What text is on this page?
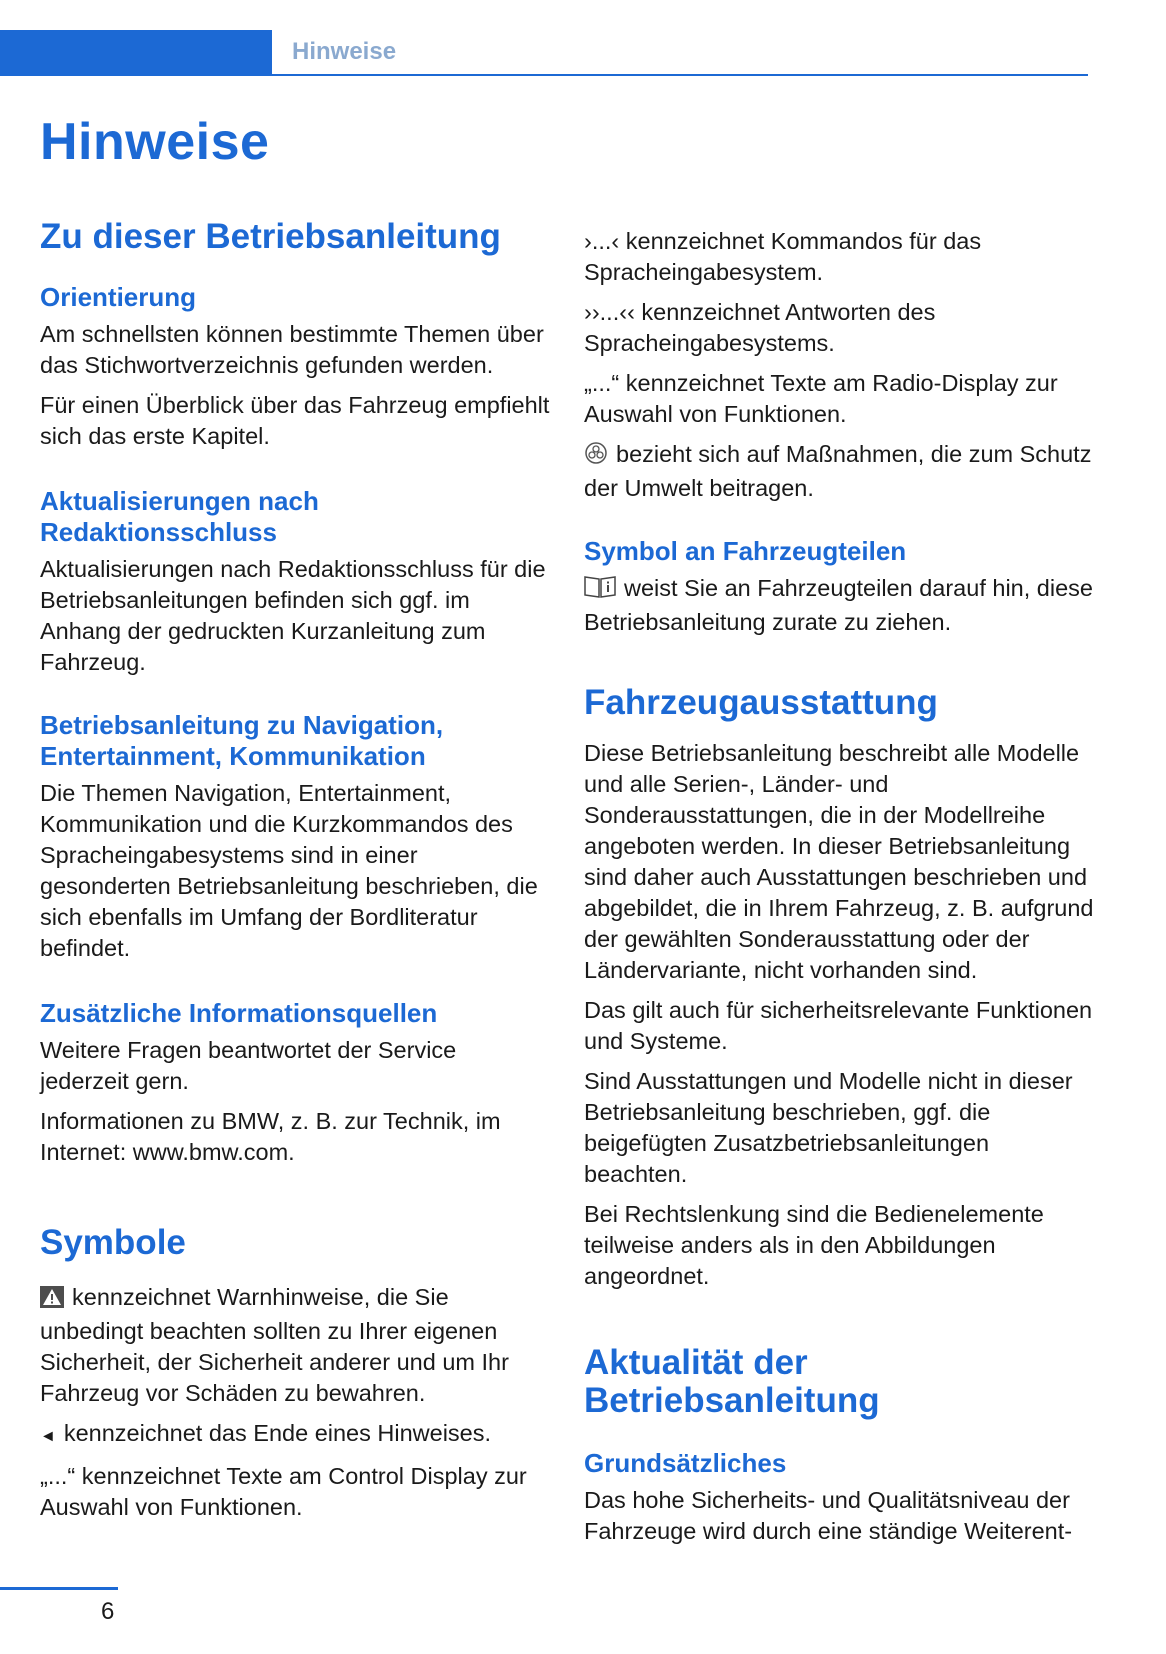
Hinweise
Hinweise
Zu dieser Betriebsanleitung
Orientierung

Am schnellsten können bestimmte Themen über das Stichwortverzeichnis gefunden werden.

Für einen Überblick über das Fahrzeug empfiehlt sich das erste Kapitel.

Aktualisierungen nach
Redaktionsschluss

Aktualisierungen nach Redaktionsschluss für die Betriebsanleitungen befinden sich ggf. im Anhang der gedruckten Kurzanleitung zum Fahrzeug.

Betriebsanleitung zu Navigation,
Entertainment, Kommunikation

Die Themen Navigation, Entertainment, Kommunikation und die Kurzkommandos des Spracheingabesystems sind in einer gesonderten Betriebsanleitung beschrieben, die sich ebenfalls im Umfang der Bordliteratur befindet.

Zusätzliche Informationsquellen

Weitere Fragen beantwortet der Service jederzeit gern.

Informationen zu BMW, z. B. zur Technik, im Internet: www.bmw.com.

Symbole

kennzeichnet Warnhinweise, die Sie unbedingt beachten sollten zu Ihrer eigenen Sicherheit, der Sicherheit anderer und um Ihr Fahrzeug vor Schäden zu bewahren.

◄ kennzeichnet das Ende eines Hinweises.

„...“ kennzeichnet Texte am Control Display zur Auswahl von Funktionen.

›...‹ kennzeichnet Kommandos für das Spracheingabesystem.

››...‹‹ kennzeichnet Antworten des Spracheingabesystems.

„...“ kennzeichnet Texte am Radio-Display zur Auswahl von Funktionen.

bezieht sich auf Maßnahmen, die zum Schutz der Umwelt beitragen.

Symbol an Fahrzeugteilen

weist Sie an Fahrzeugteilen darauf hin, diese Betriebsanleitung zurate zu ziehen.

Fahrzeugausstattung

Diese Betriebsanleitung beschreibt alle Modelle und alle Serien-, Länder- und Sonderausstattungen, die in der Modellreihe angeboten werden. In dieser Betriebsanleitung sind daher auch Ausstattungen beschrieben und abgebildet, die in Ihrem Fahrzeug, z. B. aufgrund der gewählten Sonderausstattung oder der Ländervariante, nicht vorhanden sind.

Das gilt auch für sicherheitsrelevante Funktionen und Systeme.

Sind Ausstattungen und Modelle nicht in dieser Betriebsanleitung beschrieben, ggf. die beigefügten Zusatzbetriebsanleitungen beachten.

Bei Rechtslenkung sind die Bedienelemente teilweise anders als in den Abbildungen angeordnet.

Aktualität der
Betriebsanleitung
Grundsätzliches

Das hohe Sicherheits- und Qualitätsniveau der Fahrzeuge wird durch eine ständige Weiterent-

6
